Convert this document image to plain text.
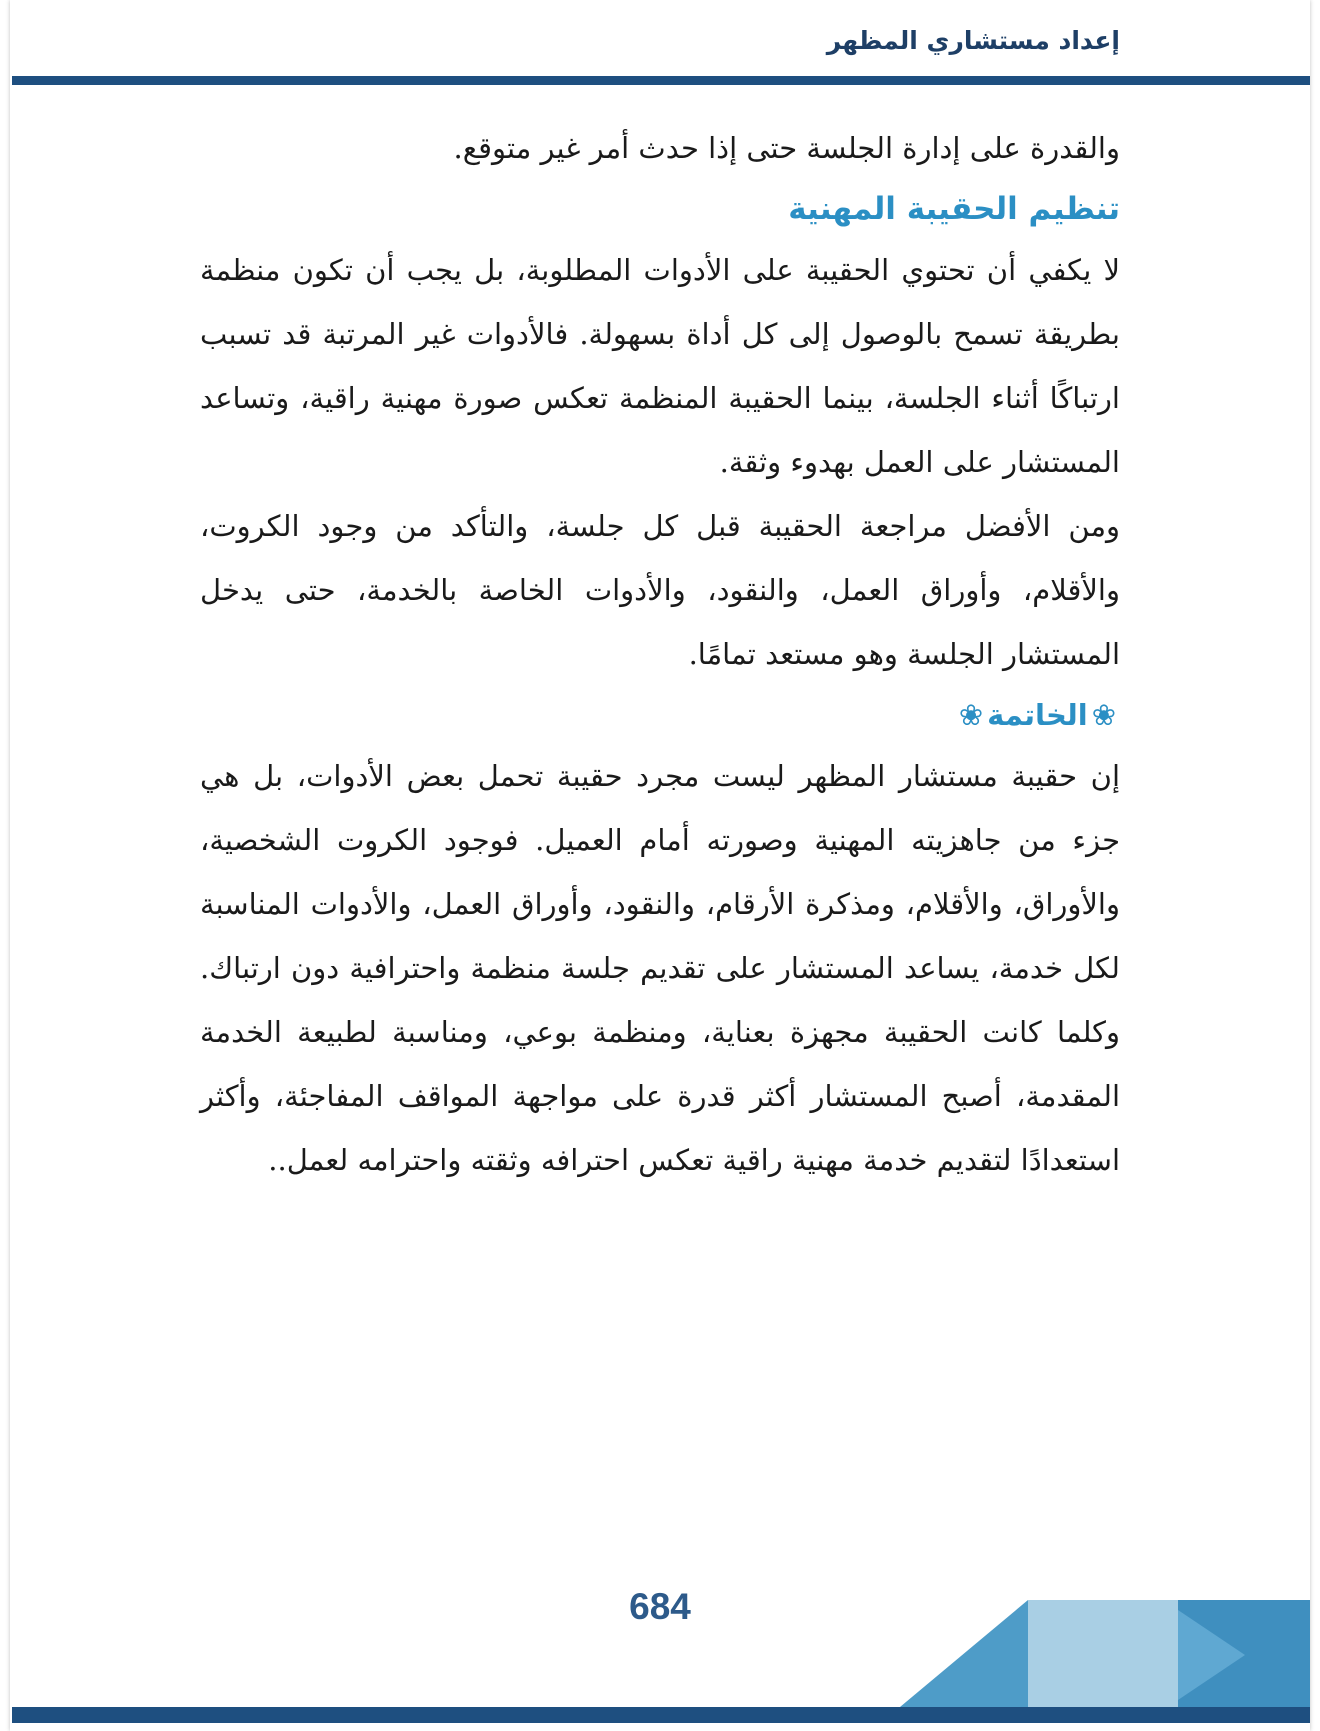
إعداد مستشاري المظهر

والقدرة على إدارة الجلسة حتى إذا حدث أمر غير متوقع.

تنظيم الحقيبة المهنية

لا يكفي أن تحتوي الحقيبة على الأدوات المطلوبة، بل يجب أن تكون منظمة بطريقة تسمح بالوصول إلى كل أداة بسهولة. فالأدوات غير المرتبة قد تسبب ارتباكًا أثناء الجلسة، بينما الحقيبة المنظمة تعكس صورة مهنية راقية، وتساعد المستشار على العمل بهدوء وثقة.

ومن الأفضل مراجعة الحقيبة قبل كل جلسة، والتأكد من وجود الكروت، والأقلام، وأوراق العمل، والنقود، والأدوات الخاصة بالخدمة، حتى يدخل المستشار الجلسة وهو مستعد تمامًا.

❀الخاتمة❀

إن حقيبة مستشار المظهر ليست مجرد حقيبة تحمل بعض الأدوات، بل هي جزء من جاهزيته المهنية وصورته أمام العميل. فوجود الكروت الشخصية، والأوراق، والأقلام، ومذكرة الأرقام، والنقود، وأوراق العمل، والأدوات المناسبة لكل خدمة، يساعد المستشار على تقديم جلسة منظمة واحترافية دون ارتباك. وكلما كانت الحقيبة مجهزة بعناية، ومنظمة بوعي، ومناسبة لطبيعة الخدمة المقدمة، أصبح المستشار أكثر قدرة على مواجهة المواقف المفاجئة، وأكثر استعدادًا لتقديم خدمة مهنية راقية تعكس احترافه وثقته واحترامه لعمل..

684
